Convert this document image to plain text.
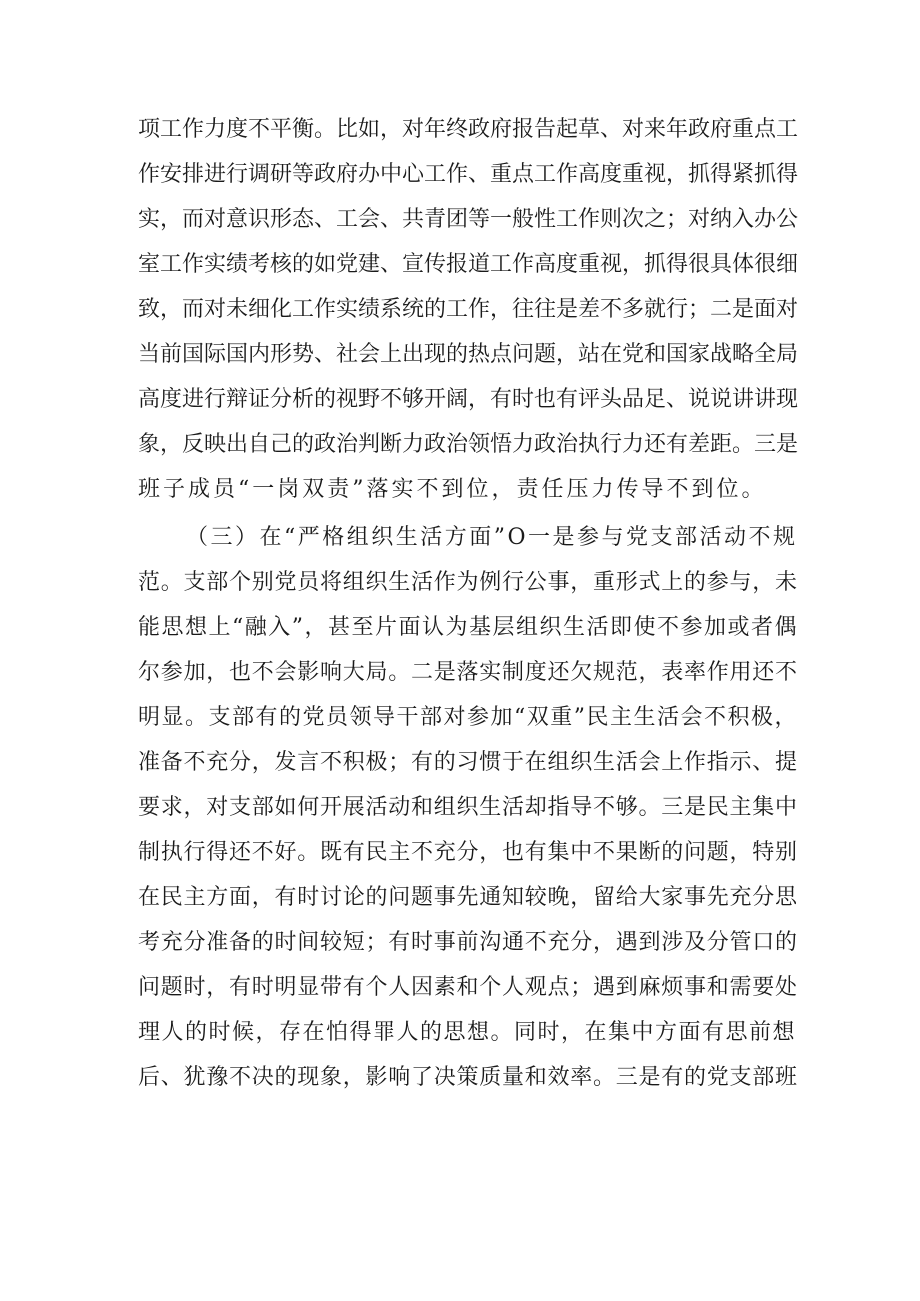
项工作力度不平衡。比如，对年终政府报告起草、对来年政府重点工
作安排进行调研等政府办中心工作、重点工作高度重视，抓得紧抓得
实，而对意识形态、工会、共青团等一般性工作则次之；对纳入办公
室工作实绩考核的如党建、宣传报道工作高度重视，抓得很具体很细
致，而对未细化工作实绩系统的工作，往往是差不多就行；二是面对
当前国际国内形势、社会上出现的热点问题，站在党和国家战略全局
高度进行辩证分析的视野不够开阔，有时也有评头品足、说说讲讲现
象，反映出自己的政治判断力政治领悟力政治执行力还有差距。三是
班子成员“一岗双责”落实不到位，责任压力传导不到位。
（三）在“严格组织生活方面”O一是参与党支部活动不规
范。支部个别党员将组织生活作为例行公事，重形式上的参与，未
能思想上“融入”，甚至片面认为基层组织生活即使不参加或者偶
尔参加，也不会影响大局。二是落实制度还欠规范，表率作用还不
明显。支部有的党员领导干部对参加“双重”民主生活会不积极，
准备不充分，发言不积极；有的习惯于在组织生活会上作指示、提
要求，对支部如何开展活动和组织生活却指导不够。三是民主集中
制执行得还不好。既有民主不充分，也有集中不果断的问题，特别
在民主方面，有时讨论的问题事先通知较晚，留给大家事先充分思
考充分准备的时间较短；有时事前沟通不充分，遇到涉及分管口的
问题时，有时明显带有个人因素和个人观点；遇到麻烦事和需要处
理人的时候，存在怕得罪人的思想。同时，在集中方面有思前想
后、犹豫不决的现象，影响了决策质量和效率。三是有的党支部班
